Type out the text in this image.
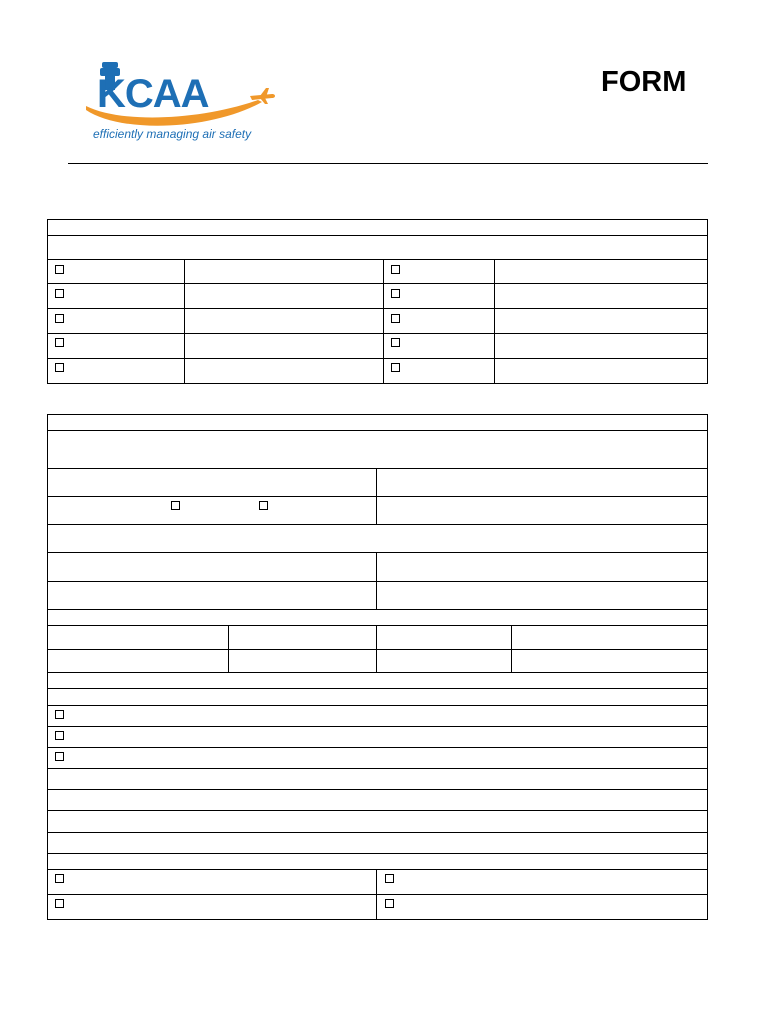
KCAA
efficiently managing air safety
FORM
